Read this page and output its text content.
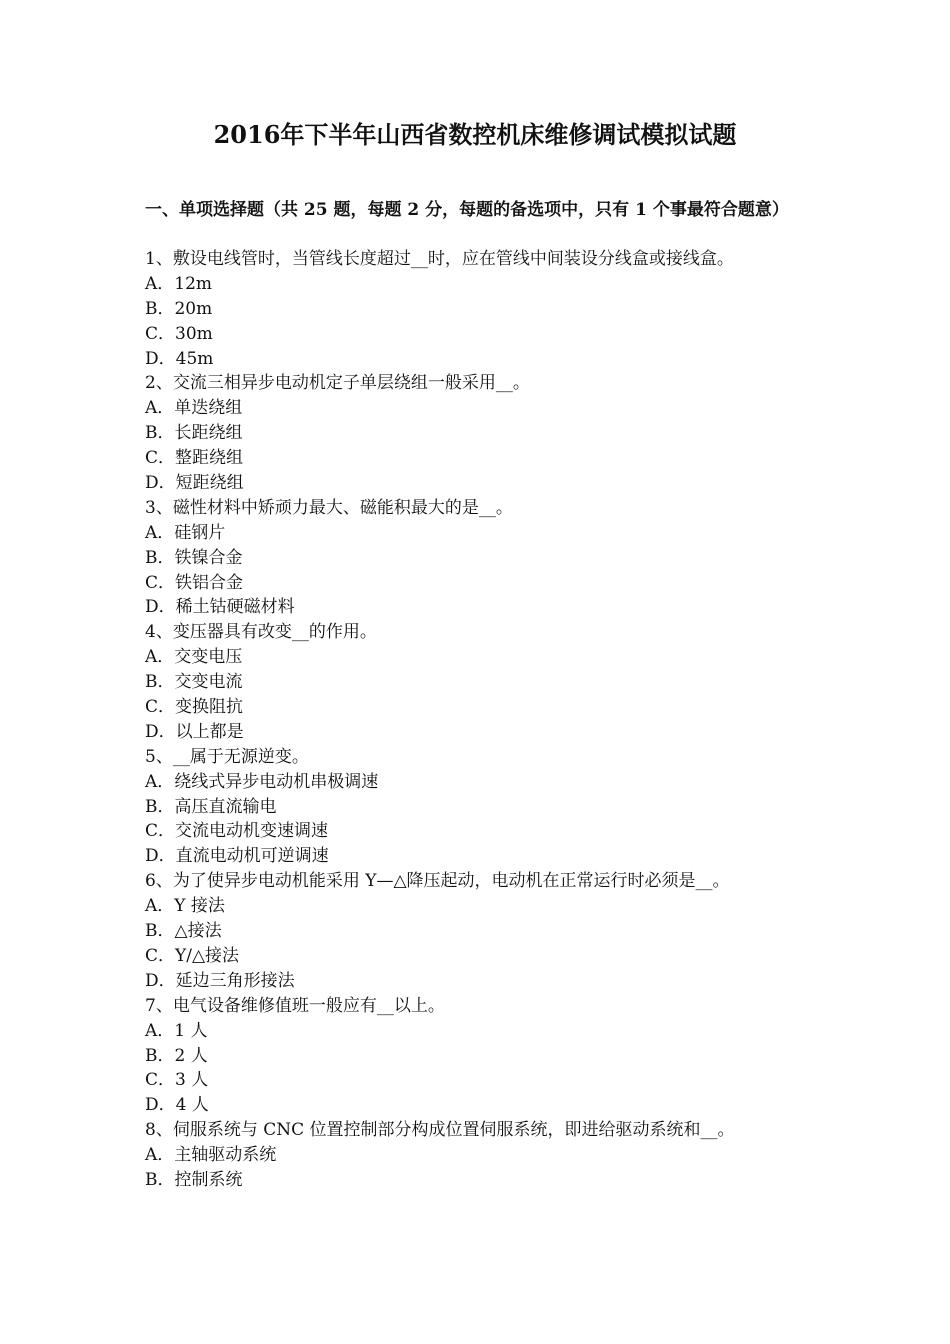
2016年下半年山西省数控机床维修调试模拟试题
一、单项选择题（共 25 题，每题 2 分，每题的备选项中，只有 1 个事最符合题意）
1、敷设电线管时，当管线长度超过__时，应在管线中间装设分线盒或接线盒。
A．12m
B．20m
C．30m
D．45m
2、交流三相异步电动机定子单层绕组一般采用__。
A．单迭绕组
B．长距绕组
C．整距绕组
D．短距绕组
3、磁性材料中矫顽力最大、磁能积最大的是__。
A．硅钢片
B．铁镍合金
C．铁铝合金
D．稀土钴硬磁材料
4、变压器具有改变__的作用。
A．交变电压
B．交变电流
C．变换阻抗
D．以上都是
5、__属于无源逆变。
A．绕线式异步电动机串极调速
B．高压直流输电
C．交流电动机变速调速
D．直流电动机可逆调速
6、为了使异步电动机能采用 Y—△降压起动，电动机在正常运行时必须是__。
A．Y 接法
B．△接法
C．Y/△接法
D．延边三角形接法
7、电气设备维修值班一般应有__以上。
A．1 人
B．2 人
C．3 人
D．4 人
8、伺服系统与 CNC 位置控制部分构成位置伺服系统，即进给驱动系统和__。
A．主轴驱动系统
B．控制系统
